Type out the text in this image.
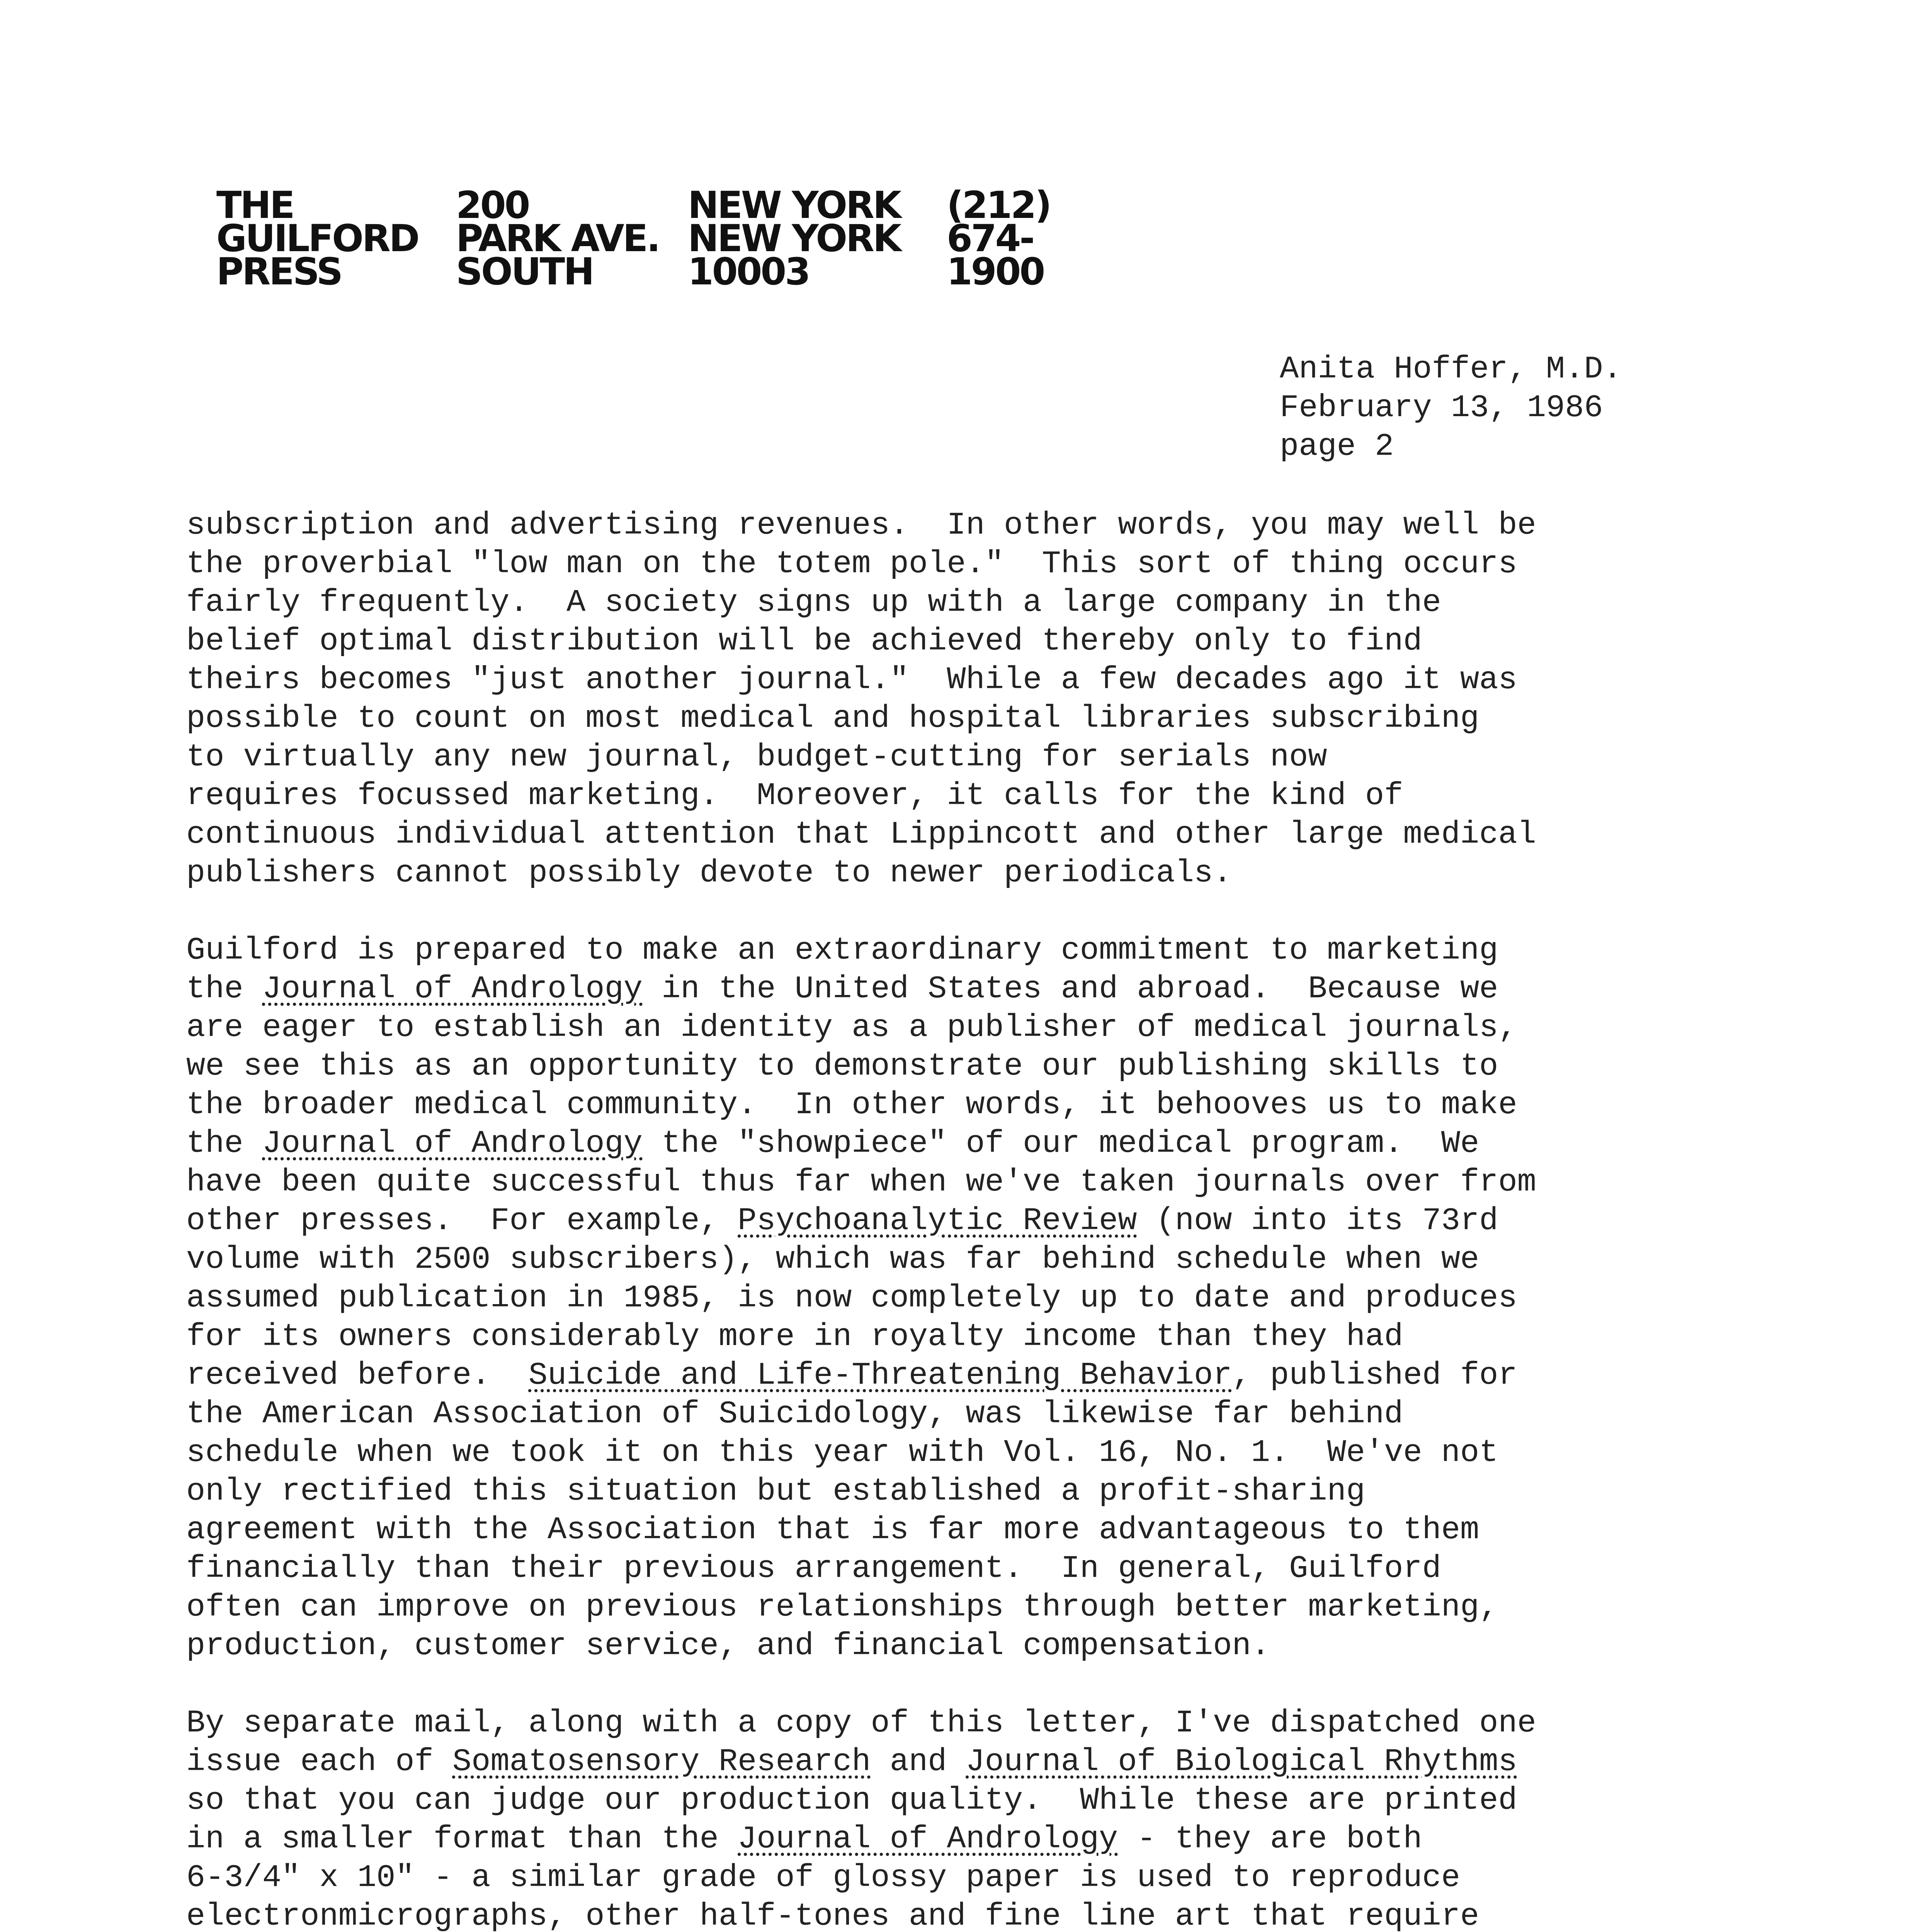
THE
GUILFORD
PRESS
200
PARK AVE.
SOUTH
NEW YORK
NEW YORK
10003
(212)
674-
1900
Anita Hoffer, M.D.
February 13, 1986
page 2
subscription and advertising revenues.  In other words, you may well be
the proverbial "low man on the totem pole."  This sort of thing occurs
fairly frequently.  A society signs up with a large company in the
belief optimal distribution will be achieved thereby only to find
theirs becomes "just another journal."  While a few decades ago it was
possible to count on most medical and hospital libraries subscribing
to virtually any new journal, budget-cutting for serials now
requires focussed marketing.  Moreover, it calls for the kind of
continuous individual attention that Lippincott and other large medical
publishers cannot possibly devote to newer periodicals.
Guilford is prepared to make an extraordinary commitment to marketing
the Journal of Andrology in the United States and abroad.  Because we
are eager to establish an identity as a publisher of medical journals,
we see this as an opportunity to demonstrate our publishing skills to
the broader medical community.  In other words, it behooves us to make
the Journal of Andrology the "showpiece" of our medical program.  We
have been quite successful thus far when we've taken journals over from
other presses.  For example, Psychoanalytic Review (now into its 73rd
volume with 2500 subscribers), which was far behind schedule when we
assumed publication in 1985, is now completely up to date and produces
for its owners considerably more in royalty income than they had
received before.  Suicide and Life-Threatening Behavior, published for
the American Association of Suicidology, was likewise far behind
schedule when we took it on this year with Vol. 16, No. 1.  We've not
only rectified this situation but established a profit-sharing
agreement with the Association that is far more advantageous to them
financially than their previous arrangement.  In general, Guilford
often can improve on previous relationships through better marketing,
production, customer service, and financial compensation.
By separate mail, along with a copy of this letter, I've dispatched one
issue each of Somatosensory Research and Journal of Biological Rhythms
so that you can judge our production quality.  While these are printed
in a smaller format than the Journal of Andrology - they are both
6-3/4" x 10" - a similar grade of glossy paper is used to reproduce
electronmicrographs, other half-tones and fine line art that require
